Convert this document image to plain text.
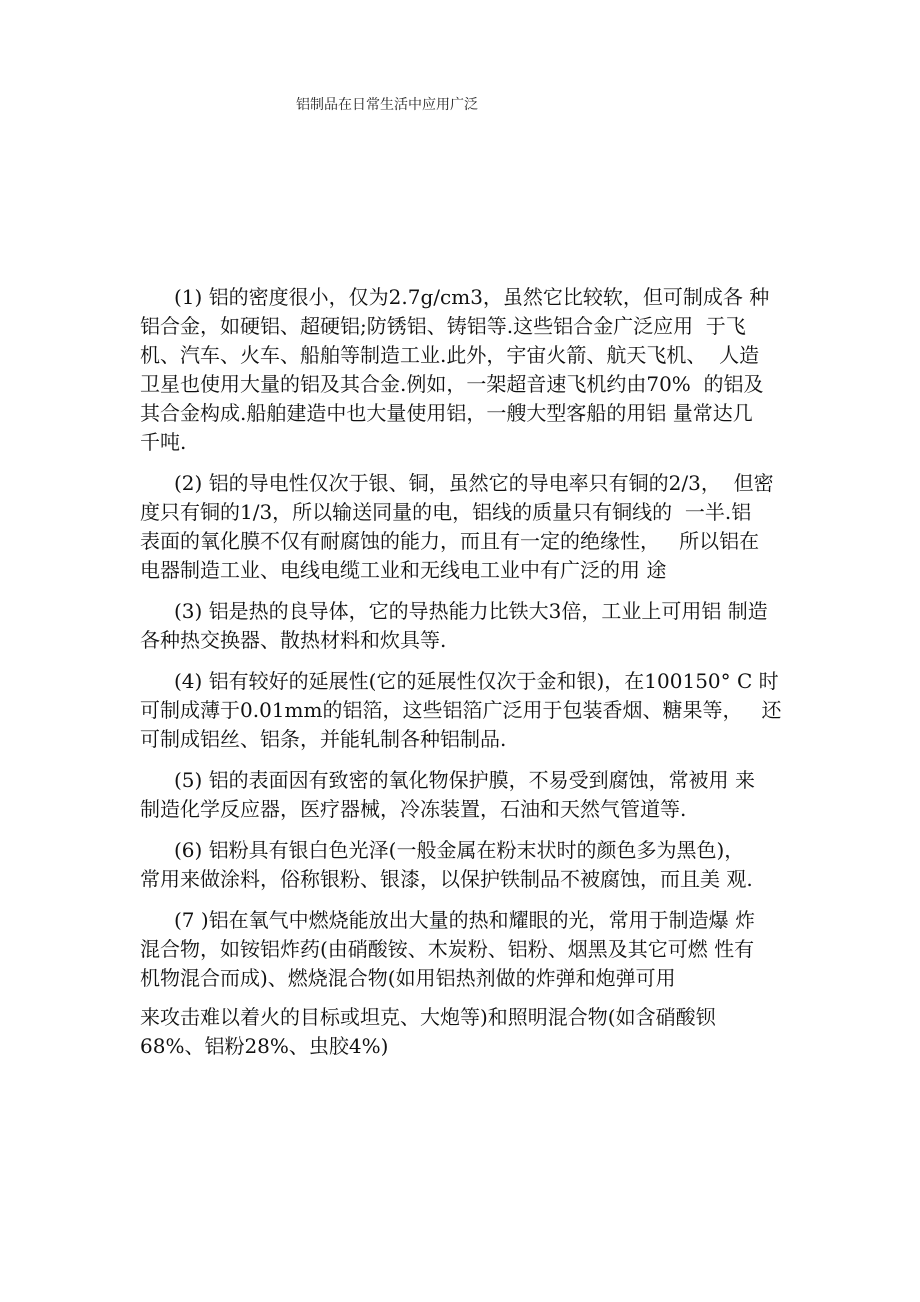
铝制品在日常生活中应用广泛
(1) 铝的密度很小，仅为2.7g/cm3，虽然它比较软，但可制成各 种
铝合金，如硬铝、超硬铝;防锈铝、铸铝等.这些铝合金广泛应用  于飞
机、汽车、火车、船舶等制造工业.此外，宇宙火箭、航天飞机、  人造
卫星也使用大量的铝及其合金.例如，一架超音速飞机约由70%  的铝及
其合金构成.船舶建造中也大量使用铝，一艘大型客船的用铝 量常达几
千吨.
(2) 铝的导电性仅次于银、铜，虽然它的导电率只有铜的2/3，  但密
度只有铜的1/3，所以输送同量的电，铝线的质量只有铜线的  一半.铝
表面的氧化膜不仅有耐腐蚀的能力，而且有一定的绝缘性，   所以铝在
电器制造工业、电线电缆工业和无线电工业中有广泛的用 途
(3) 铝是热的良导体，它的导热能力比铁大3倍，工业上可用铝 制造
各种热交换器、散热材料和炊具等.
(4) 铝有较好的延展性(它的延展性仅次于金和银)，在100150° C 时
可制成薄于0.01mm的铝箔，这些铝箔广泛用于包装香烟、糖果等，   还
可制成铝丝、铝条，并能轧制各种铝制品.
(5) 铝的表面因有致密的氧化物保护膜，不易受到腐蚀，常被用 来
制造化学反应器，医疗器械，冷冻装置，石油和天然气管道等.
(6) 铝粉具有银白色光泽(一般金属在粉末状时的颜色多为黑色)，
常用来做涂料，俗称银粉、银漆，以保护铁制品不被腐蚀，而且美 观.
(7 )铝在氧气中燃烧能放出大量的热和耀眼的光，常用于制造爆 炸
混合物，如铵铝炸药(由硝酸铵、木炭粉、铝粉、烟黑及其它可燃 性有
机物混合而成)、燃烧混合物(如用铝热剂做的炸弹和炮弹可用
来攻击难以着火的目标或坦克、大炮等)和照明混合物(如含硝酸钡
68%、铝粉28%、虫胶4%)
